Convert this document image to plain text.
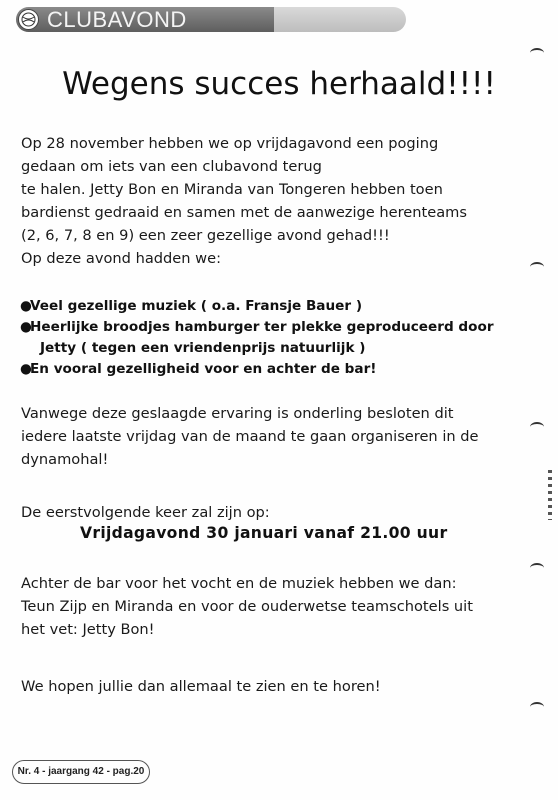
CLUBAVOND
Wegens succes herhaald!!!!
Op 28 november hebben we op vrijdagavond een poging
gedaan om iets van een clubavond terug
te halen. Jetty Bon en Miranda van Tongeren hebben toen
bardienst gedraaid en samen met de aanwezige herenteams
(2, 6, 7, 8 en 9) een zeer gezellige avond gehad!!!
Op deze avond hadden we:
●
Veel gezellige muziek ( o.a. Fransje Bauer )
●
Heerlijke broodjes hamburger ter plekke geproduceerd door
Jetty ( tegen een vriendenprijs natuurlijk )
●
En vooral gezelligheid voor en achter de bar!
Vanwege deze geslaagde ervaring is onderling besloten dit
iedere laatste vrijdag van de maand te gaan organiseren in de
dynamohal!
De eerstvolgende keer zal zijn op:
Vrijdagavond 30 januari vanaf 21.00 uur
Achter de bar voor het vocht en de muziek hebben we dan:
Teun Zijp en Miranda en voor de ouderwetse teamschotels uit
het vet: Jetty Bon!
We hopen jullie dan allemaal te zien en te horen!
Nr. 4 - jaargang 42 - pag.20
